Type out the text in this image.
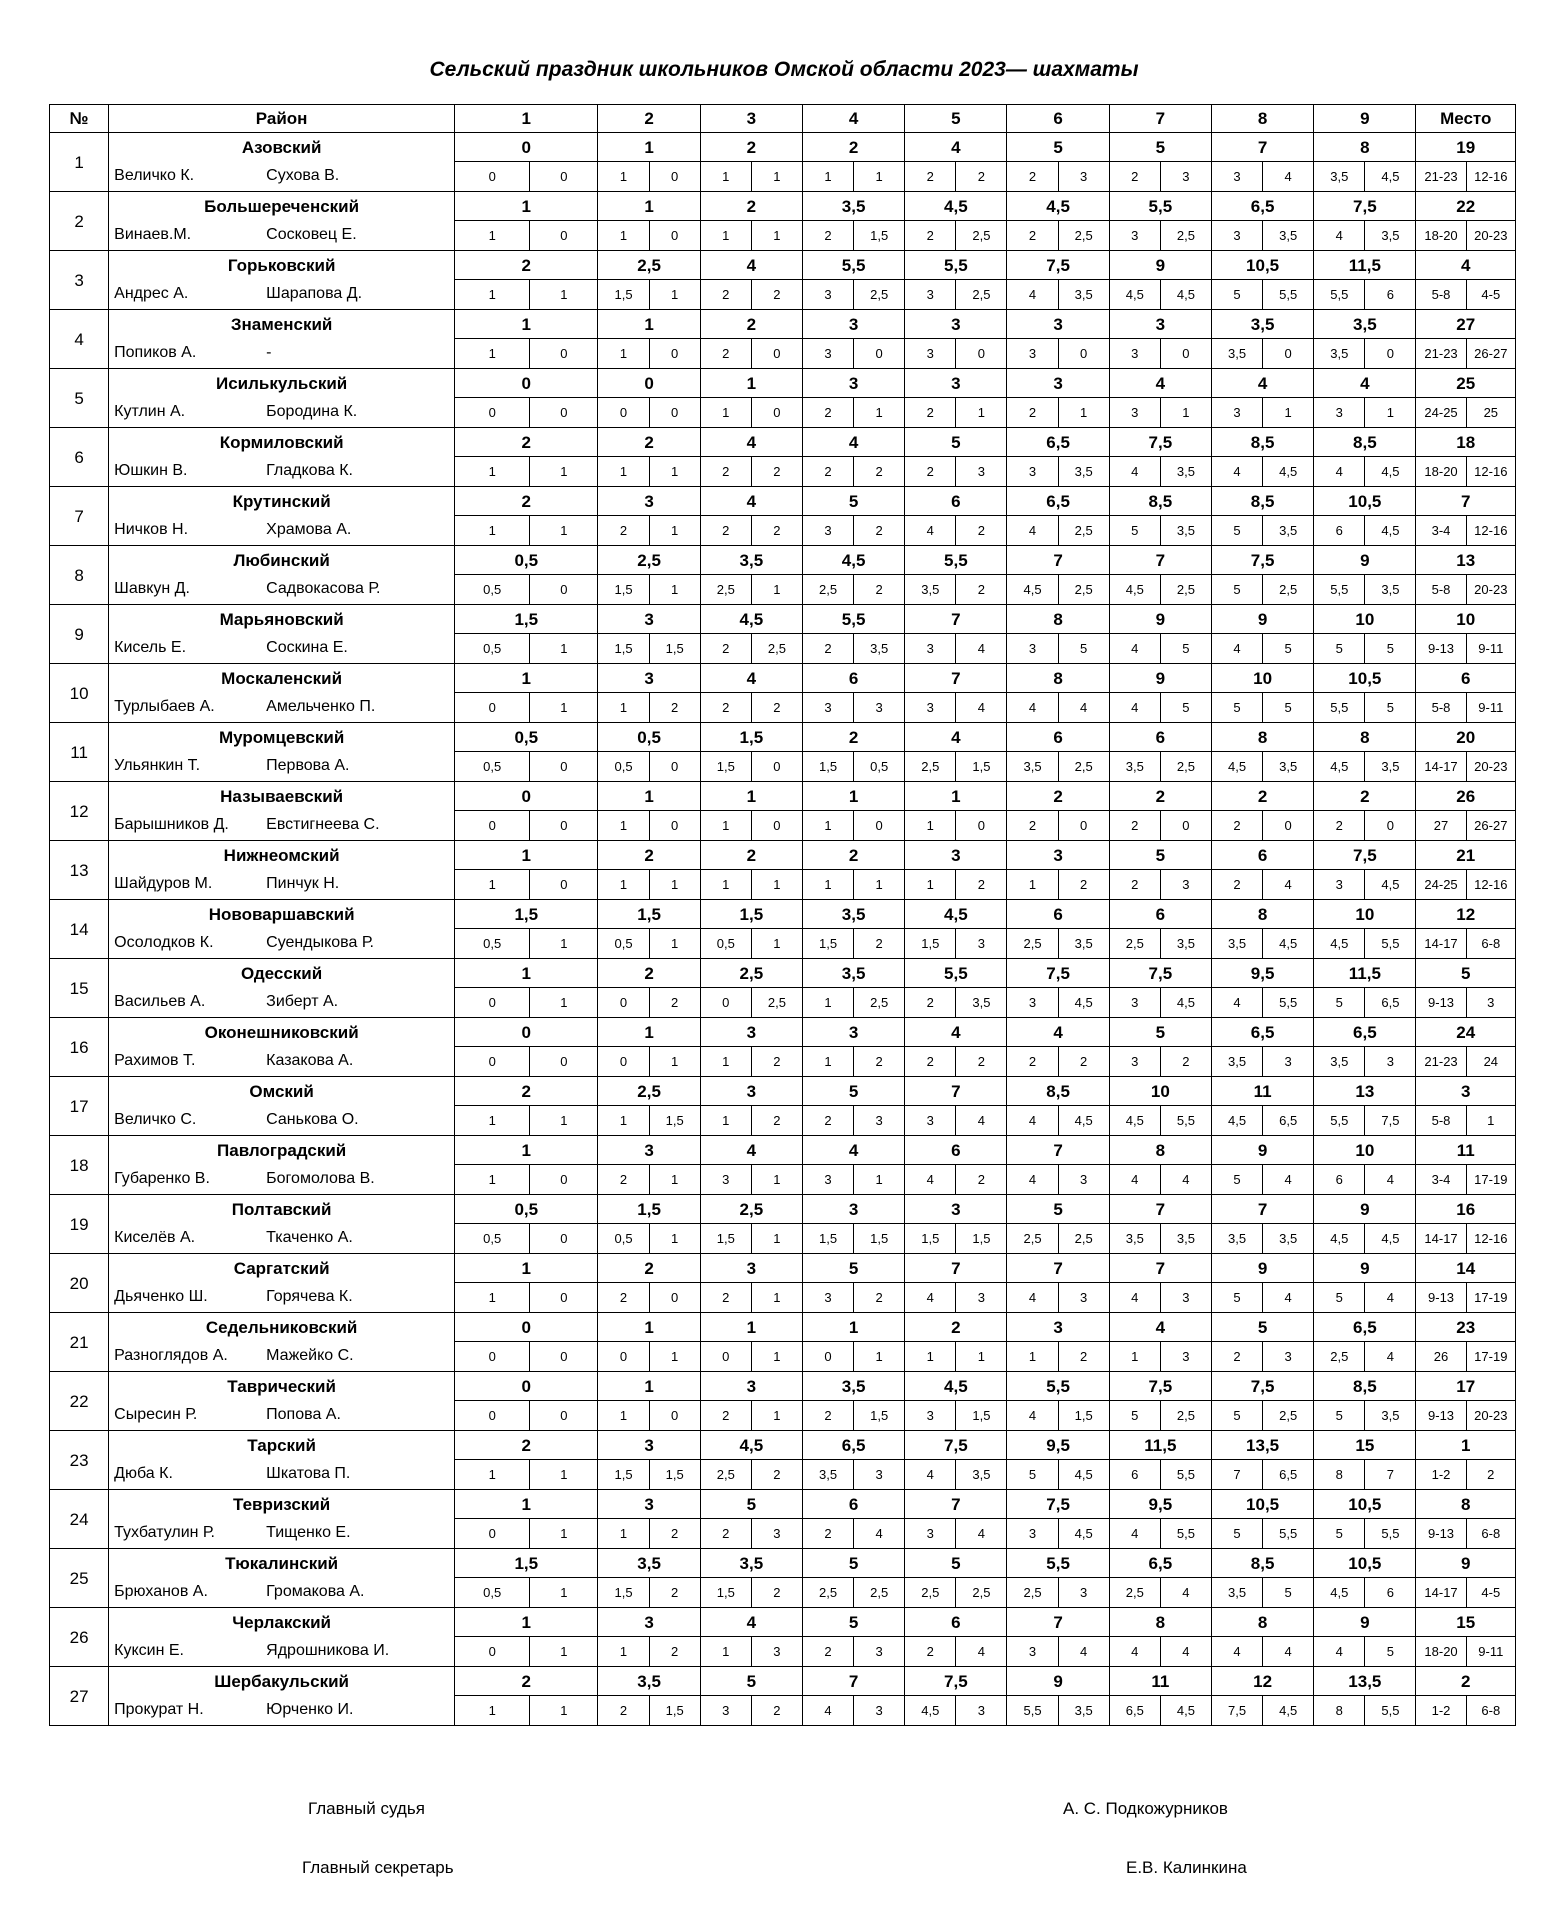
Сельский праздник школьников Омской области 2023— шахматы
№	Район	1		2		3		4		5		6		7		8		9		Место	
1	Азовский	0		1		2		2		4		5		5		7		8		19	
	Величко К. Сухова В.	0	0	1	0	1	1	1	1	2	2	2	3	2	3	3	4	3,5	4,5	21-23	12-16
2	Большереченский	1		1		2		3,5		4,5		4,5		5,5		6,5		7,5		22	
	Винаев.М. Сосковец Е.	1	0	1	0	1	1	2	1,5	2	2,5	2	2,5	3	2,5	3	3,5	4	3,5	18-20	20-23
3	Горьковский	2		2,5		4		5,5		5,5		7,5		9		10,5		11,5		4	
	Андрес А. Шарапова Д.	1	1	1,5	1	2	2	3	2,5	3	2,5	4	3,5	4,5	4,5	5	5,5	5,5	6	5-8	4-5
4	Знаменский	1		1		2		3		3		3		3		3,5		3,5		27	
	Попиков А. -	1	0	1	0	2	0	3	0	3	0	3	0	3	0	3,5	0	3,5	0	21-23	26-27
5	Исилькульский	0		0		1		3		3		3		4		4		4		25	
	Кутлин А. Бородина К.	0	0	0	0	1	0	2	1	2	1	2	1	3	1	3	1	3	1	24-25	25
6	Кормиловский	2		2		4		4		5		6,5		7,5		8,5		8,5		18	
	Юшкин В. Гладкова К.	1	1	1	1	2	2	2	2	2	3	3	3,5	4	3,5	4	4,5	4	4,5	18-20	12-16
7	Крутинский	2		3		4		5		6		6,5		8,5		8,5		10,5		7	
	Ничков Н. Храмова А.	1	1	2	1	2	2	3	2	4	2	4	2,5	5	3,5	5	3,5	6	4,5	3-4	12-16
8	Любинский	0,5		2,5		3,5		4,5		5,5		7		7		7,5		9		13	
	Шавкун Д. Садвокасова Р.	0,5	0	1,5	1	2,5	1	2,5	2	3,5	2	4,5	2,5	4,5	2,5	5	2,5	5,5	3,5	5-8	20-23
9	Марьяновский	1,5		3		4,5		5,5		7		8		9		9		10		10	
	Кисель Е. Соскина Е.	0,5	1	1,5	1,5	2	2,5	2	3,5	3	4	3	5	4	5	4	5	5	5	9-13	9-11
10	Москаленский	1		3		4		6		7		8		9		10		10,5		6	
	Турлыбаев А. Амельченко П.	0	1	1	2	2	2	3	3	3	4	4	4	4	5	5	5	5,5	5	5-8	9-11
11	Муромцевский	0,5		0,5		1,5		2		4		6		6		8		8		20	
	Ульянкин Т. Первова А.	0,5	0	0,5	0	1,5	0	1,5	0,5	2,5	1,5	3,5	2,5	3,5	2,5	4,5	3,5	4,5	3,5	14-17	20-23
12	Называевский	0		1		1		1		1		2		2		2		2		26	
	Барышников Д. Евстигнеева С.	0	0	1	0	1	0	1	0	1	0	2	0	2	0	2	0	2	0	27	26-27
13	Нижнеомский	1		2		2		2		3		3		5		6		7,5		21	
	Шайдуров М. Пинчук Н.	1	0	1	1	1	1	1	1	1	2	1	2	2	3	2	4	3	4,5	24-25	12-16
14	Нововаршавский	1,5		1,5		1,5		3,5		4,5		6		6		8		10		12	
	Осолодков К. Суендыкова Р.	0,5	1	0,5	1	0,5	1	1,5	2	1,5	3	2,5	3,5	2,5	3,5	3,5	4,5	4,5	5,5	14-17	6-8
15	Одесский	1		2		2,5		3,5		5,5		7,5		7,5		9,5		11,5		5	
	Васильев А. Зиберт А.	0	1	0	2	0	2,5	1	2,5	2	3,5	3	4,5	3	4,5	4	5,5	5	6,5	9-13	3
16	Оконешниковский	0		1		3		3		4		4		5		6,5		6,5		24	
	Рахимов Т. Казакова А.	0	0	0	1	1	2	1	2	2	2	2	2	3	2	3,5	3	3,5	3	21-23	24
17	Омский	2		2,5		3		5		7		8,5		10		11		13		3	
	Величко С. Санькова О.	1	1	1	1,5	1	2	2	3	3	4	4	4,5	4,5	5,5	4,5	6,5	5,5	7,5	5-8	1
18	Павлоградский	1		3		4		4		6		7		8		9		10		11	
	Губаренко В. Богомолова В.	1	0	2	1	3	1	3	1	4	2	4	3	4	4	5	4	6	4	3-4	17-19
19	Полтавский	0,5		1,5		2,5		3		3		5		7		7		9		16	
	Киселёв А. Ткаченко А.	0,5	0	0,5	1	1,5	1	1,5	1,5	1,5	1,5	2,5	2,5	3,5	3,5	3,5	3,5	4,5	4,5	14-17	12-16
20	Саргатский	1		2		3		5		7		7		7		9		9		14	
	Дьяченко Ш. Горячева К.	1	0	2	0	2	1	3	2	4	3	4	3	4	3	5	4	5	4	9-13	17-19
21	Седельниковский	0		1		1		1		2		3		4		5		6,5		23	
	Разноглядов А. Мажейко С.	0	0	0	1	0	1	0	1	1	1	1	2	1	3	2	3	2,5	4	26	17-19
22	Таврический	0		1		3		3,5		4,5		5,5		7,5		7,5		8,5		17	
	Сыресин Р. Попова А.	0	0	1	0	2	1	2	1,5	3	1,5	4	1,5	5	2,5	5	2,5	5	3,5	9-13	20-23
23	Тарский	2		3		4,5		6,5		7,5		9,5		11,5		13,5		15		1	
	Дюба К. Шкатова П.	1	1	1,5	1,5	2,5	2	3,5	3	4	3,5	5	4,5	6	5,5	7	6,5	8	7	1-2	2
24	Тевризский	1		3		5		6		7		7,5		9,5		10,5		10,5		8	
	Тухбатулин Р. Тищенко Е.	0	1	1	2	2	3	2	4	3	4	3	4,5	4	5,5	5	5,5	5	5,5	9-13	6-8
25	Тюкалинский	1,5		3,5		3,5		5		5		5,5		6,5		8,5		10,5		9	
	Брюханов А. Громакова А.	0,5	1	1,5	2	1,5	2	2,5	2,5	2,5	2,5	2,5	3	2,5	4	3,5	5	4,5	6	14-17	4-5
26	Черлакский	1		3		4		5		6		7		8		8		9		15	
	Куксин Е. Ядрошникова И.	0	1	1	2	1	3	2	3	2	4	3	4	4	4	4	4	4	5	18-20	9-11
27	Шербакульский	2		3,5		5		7		7,5		9		11		12		13,5		2	
	Прокурат Н. Юрченко И.	1	1	2	1,5	3	2	4	3	4,5	3	5,5	3,5	6,5	4,5	7,5	4,5	8	5,5	1-2	6-8
Главный судья	А. С. Подкожурников
Главный секретарь	Е.В. Калинкина
